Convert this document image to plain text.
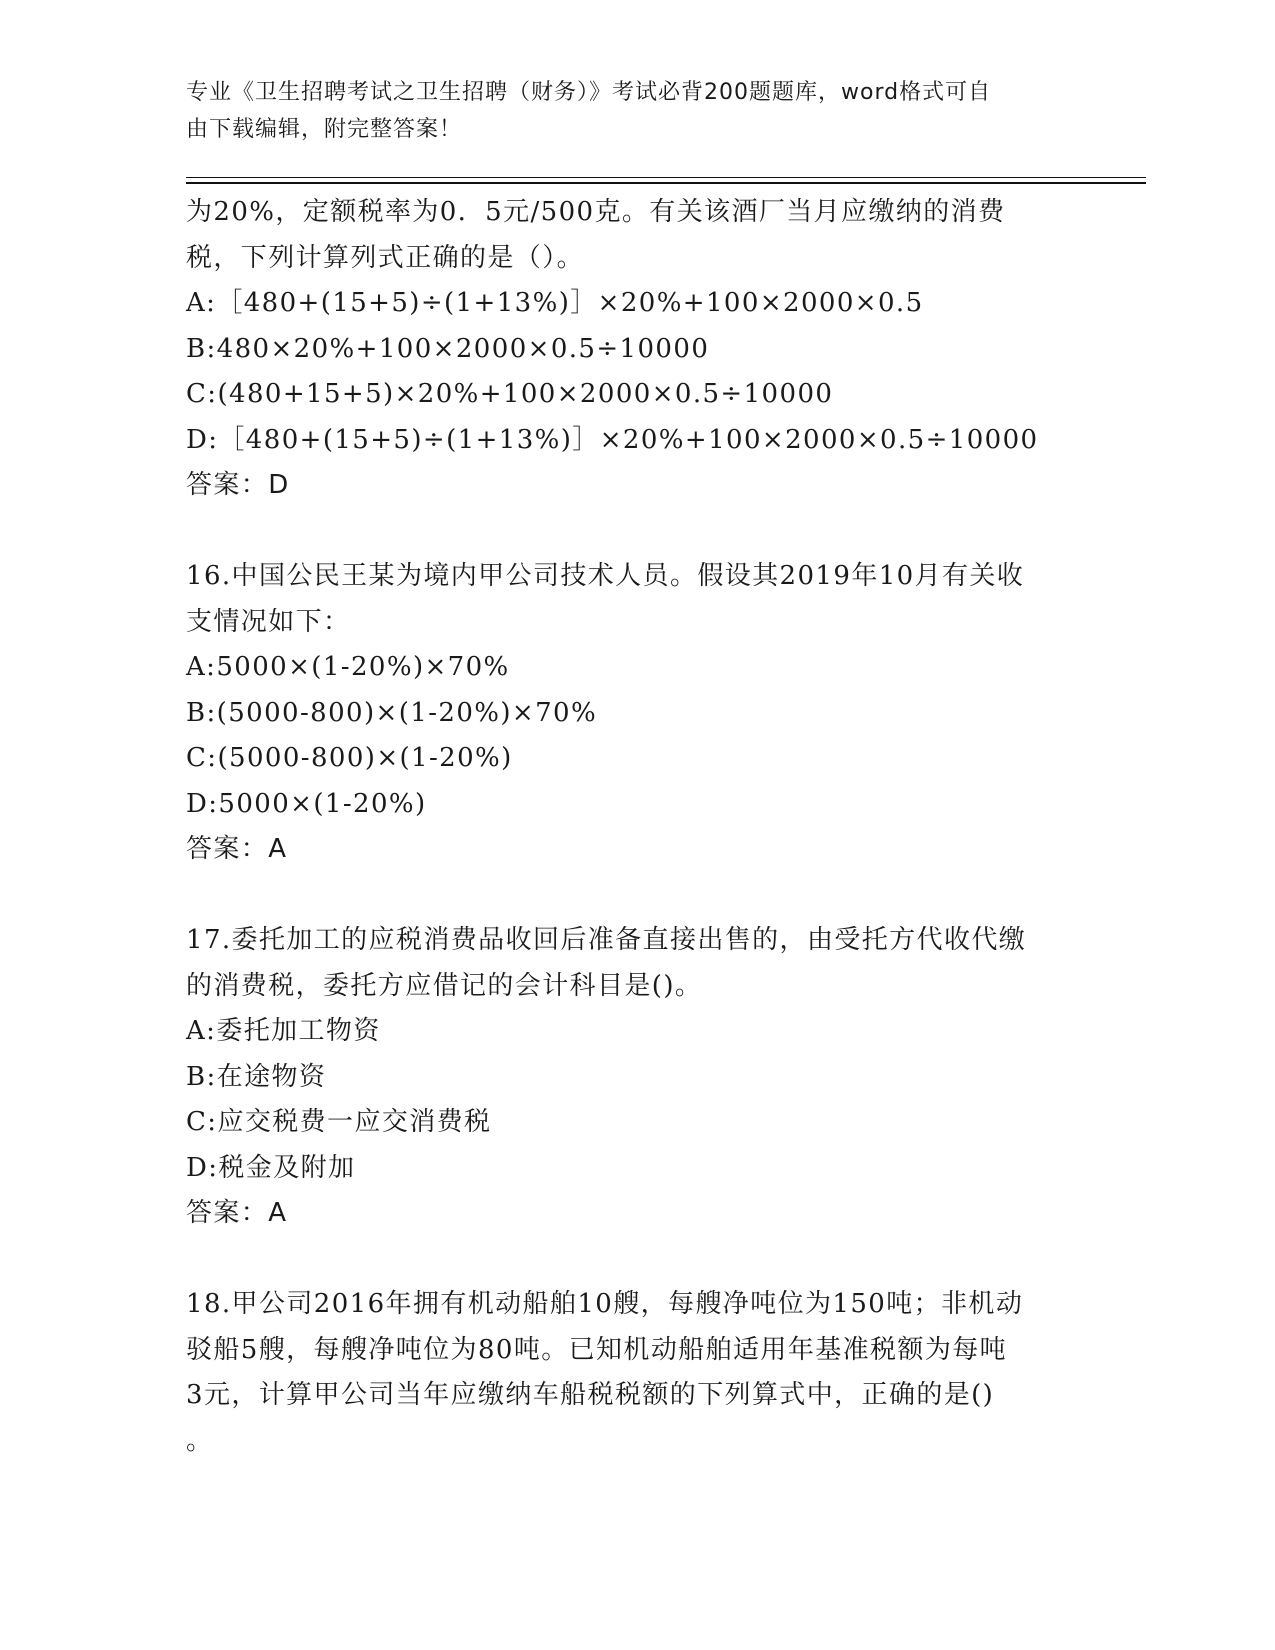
专业《卫生招聘考试之卫生招聘（财务）》考试必背200题题库，word格式可自
由下载编辑，附完整答案！
为20%，定额税率为0．5元/500克。有关该酒厂当月应缴纳的消费
税，下列计算列式正确的是（）。
A:［480+(15+5)÷(1+13%)］×20%+100×2000×0.5
B:480×20%+100×2000×0.5÷10000
C:(480+15+5)×20%+100×2000×0.5÷10000
D:［480+(15+5)÷(1+13%)］×20%+100×2000×0.5÷10000
答案：D
16.中国公民王某为境内甲公司技术人员。假设其2019年10月有关收
支情况如下：
A:5000×(1-20%)×70%
B:(5000-800)×(1-20%)×70%
C:(5000-800)×(1-20%)
D:5000×(1-20%)
答案：A
17.委托加工的应税消费品收回后准备直接出售的，由受托方代收代缴
的消费税，委托方应借记的会计科目是()。
A:委托加工物资
B:在途物资
C:应交税费一应交消费税
D:税金及附加
答案：A
18.甲公司2016年拥有机动船舶10艘，每艘净吨位为150吨；非机动
驳船5艘，每艘净吨位为80吨。已知机动船舶适用年基准税额为每吨
3元，计算甲公司当年应缴纳车船税税额的下列算式中，正确的是()
。
